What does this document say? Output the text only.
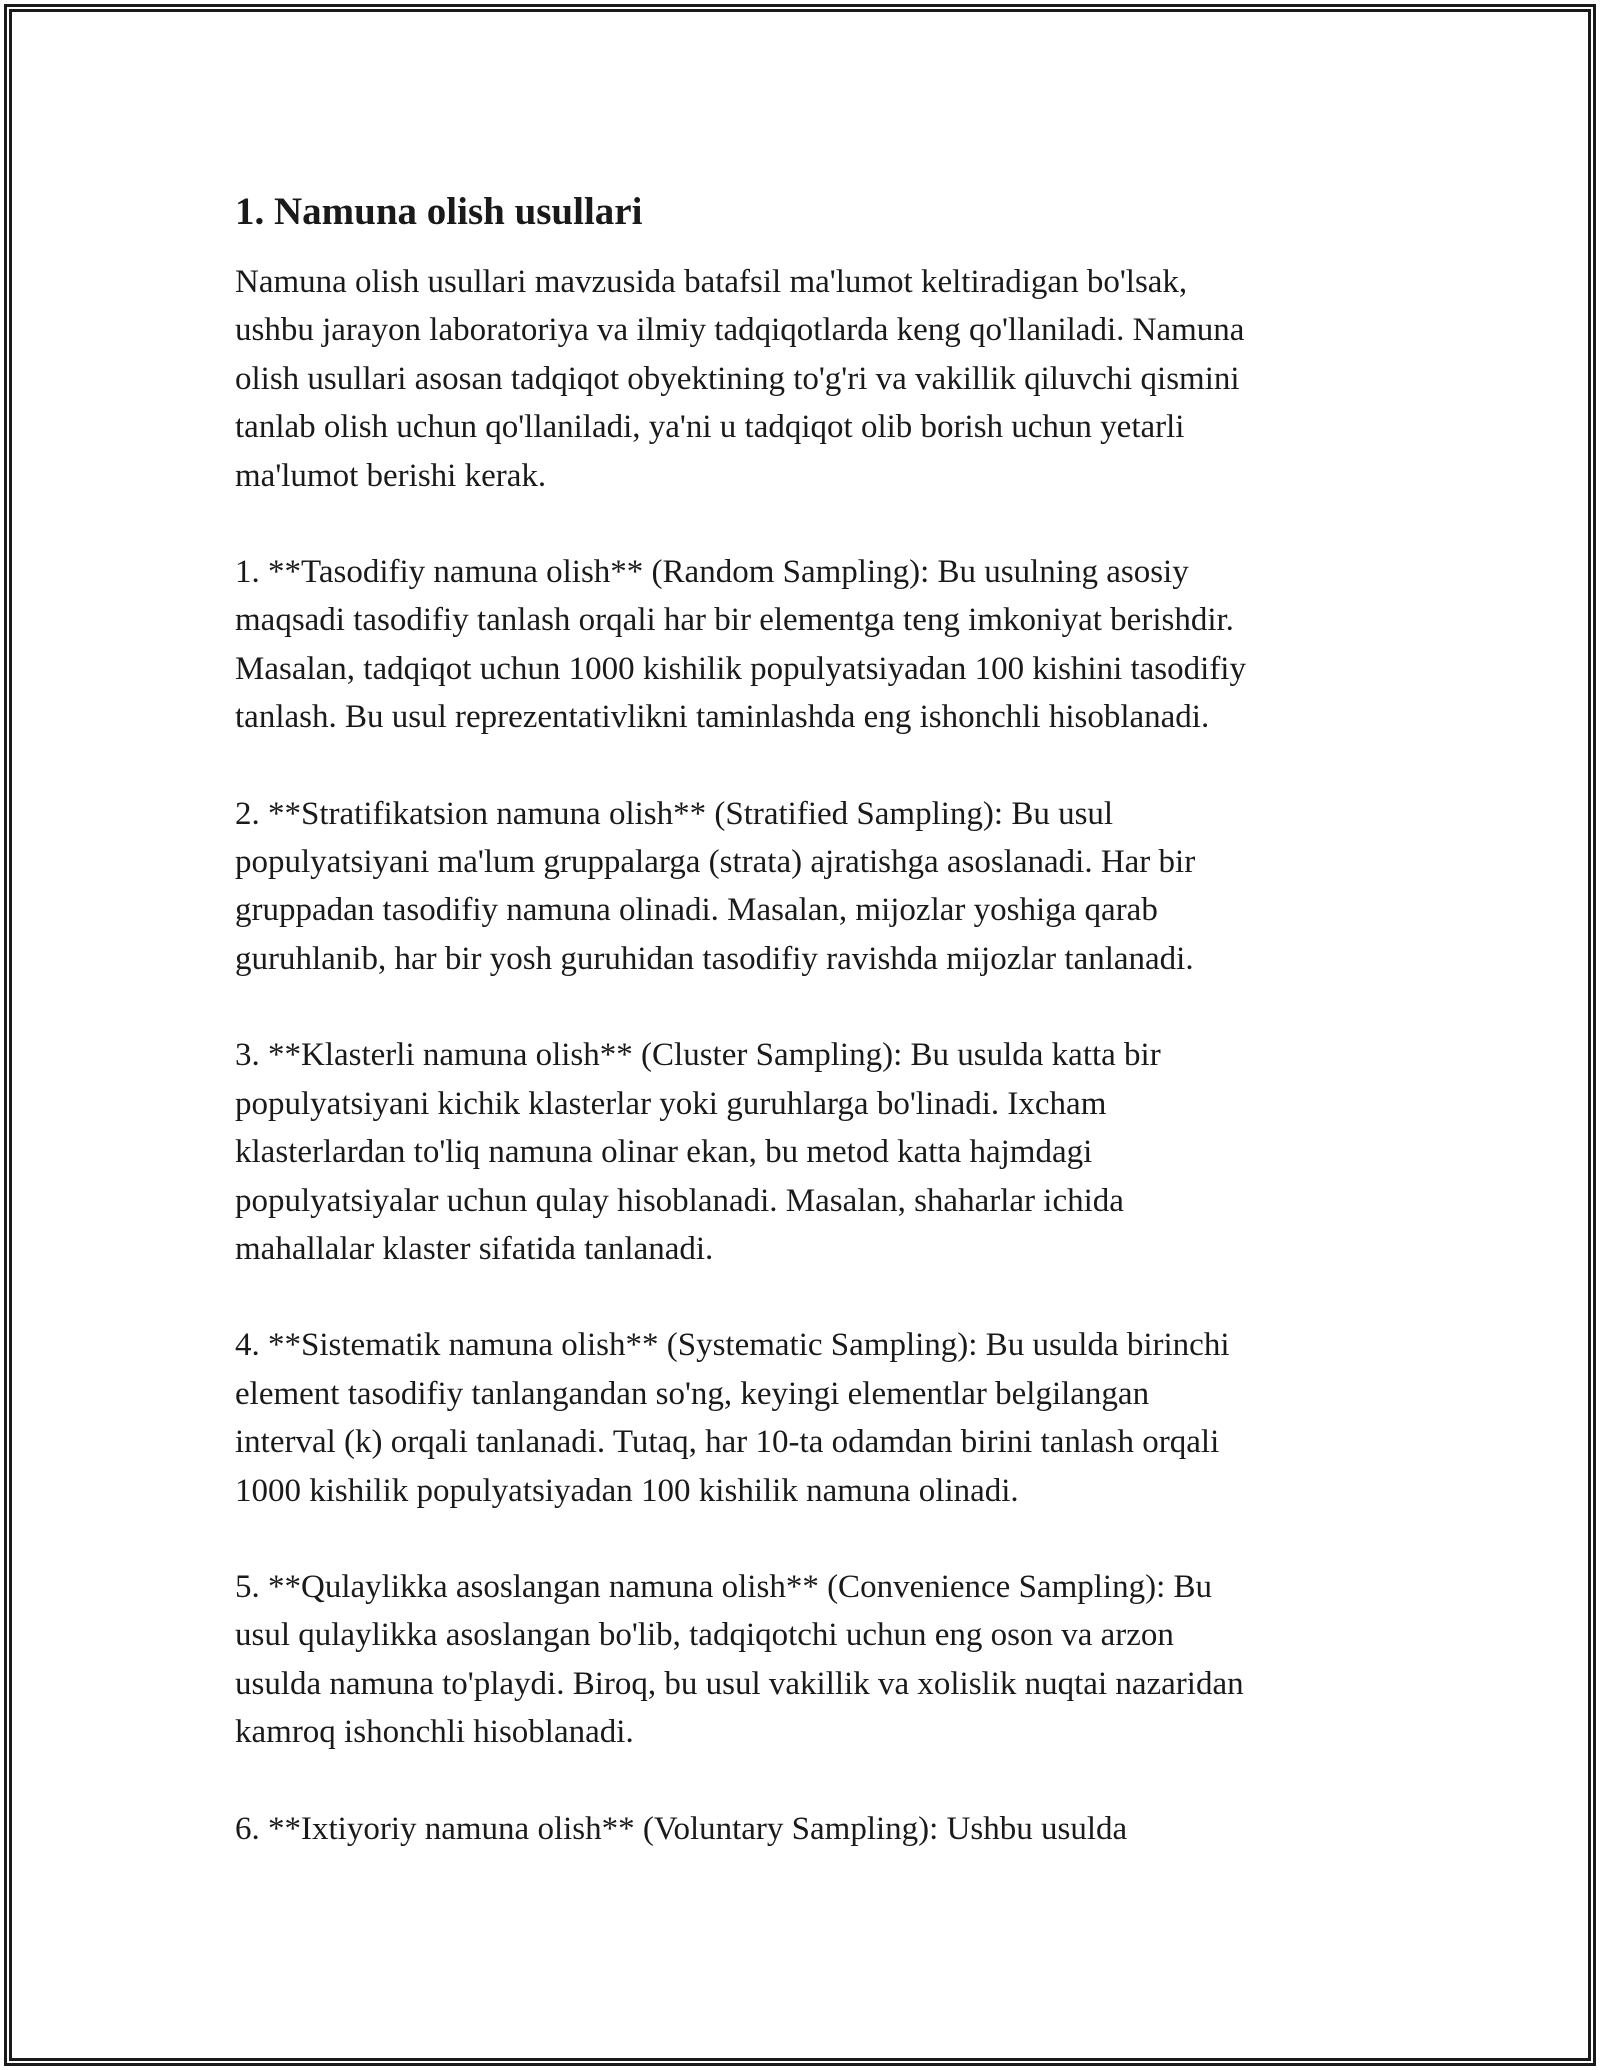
1. Namuna olish usullari

Namuna olish usullari mavzusida batafsil ma'lumot keltiradigan bo'lsak,
ushbu jarayon laboratoriya va ilmiy tadqiqotlarda keng qo'llaniladi. Namuna
olish usullari asosan tadqiqot obyektining to'g'ri va vakillik qiluvchi qismini
tanlab olish uchun qo'llaniladi, ya'ni u tadqiqot olib borish uchun yetarli
ma'lumot berishi kerak.

1. **Tasodifiy namuna olish** (Random Sampling): Bu usulning asosiy
maqsadi tasodifiy tanlash orqali har bir elementga teng imkoniyat berishdir.
Masalan, tadqiqot uchun 1000 kishilik populyatsiyadan 100 kishini tasodifiy
tanlash. Bu usul reprezentativlikni taminlashda eng ishonchli hisoblanadi.

2. **Stratifikatsion namuna olish** (Stratified Sampling): Bu usul
populyatsiyani ma'lum gruppalarga (strata) ajratishga asoslanadi. Har bir
gruppadan tasodifiy namuna olinadi. Masalan, mijozlar yoshiga qarab
guruhlanib, har bir yosh guruhidan tasodifiy ravishda mijozlar tanlanadi.

3. **Klasterli namuna olish** (Cluster Sampling): Bu usulda katta bir
populyatsiyani kichik klasterlar yoki guruhlarga bo'linadi. Ixcham
klasterlardan to'liq namuna olinar ekan, bu metod katta hajmdagi
populyatsiyalar uchun qulay hisoblanadi. Masalan, shaharlar ichida
mahallalar klaster sifatida tanlanadi.

4. **Sistematik namuna olish** (Systematic Sampling): Bu usulda birinchi
element tasodifiy tanlangandan so'ng, keyingi elementlar belgilangan
interval (k) orqali tanlanadi. Tutaq, har 10-ta odamdan birini tanlash orqali
1000 kishilik populyatsiyadan 100 kishilik namuna olinadi.

5. **Qulaylikka asoslangan namuna olish** (Convenience Sampling): Bu
usul qulaylikka asoslangan bo'lib, tadqiqotchi uchun eng oson va arzon
usulda namuna to'playdi. Biroq, bu usul vakillik va xolislik nuqtai nazaridan
kamroq ishonchli hisoblanadi.

6. **Ixtiyoriy namuna olish** (Voluntary Sampling): Ushbu usulda
